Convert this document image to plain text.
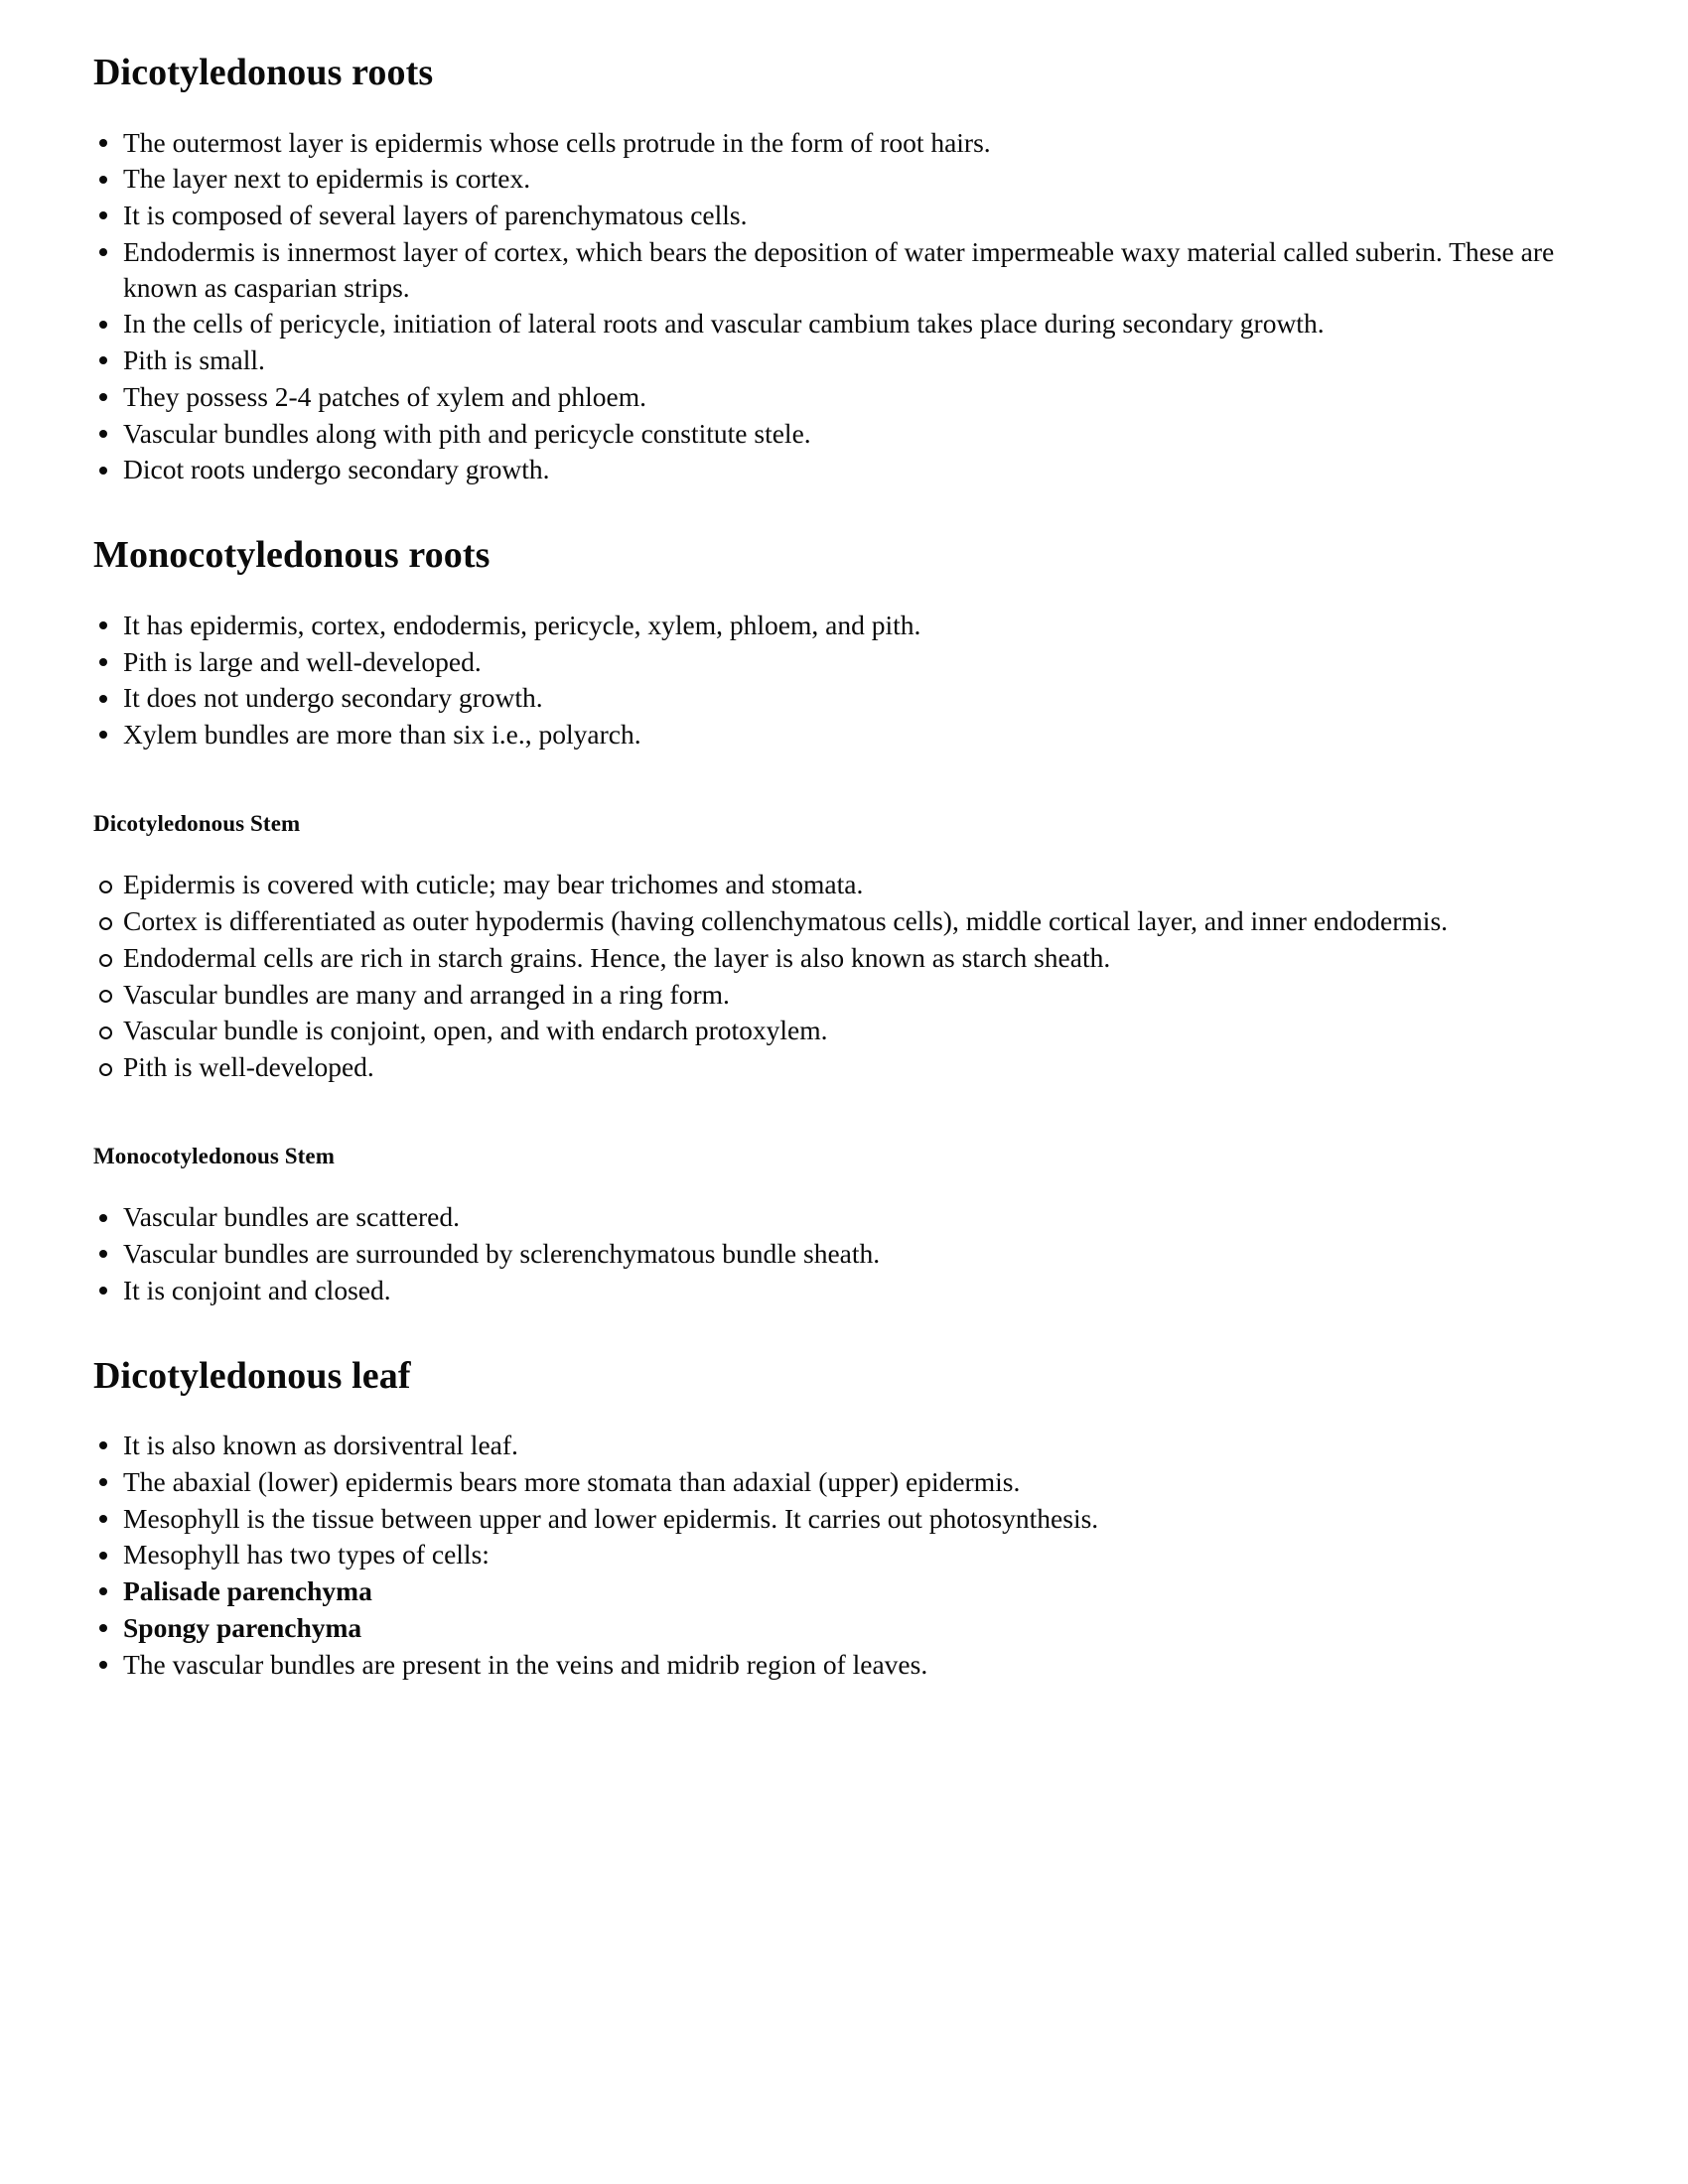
Dicotyledonous roots
The outermost layer is epidermis whose cells protrude in the form of root hairs.
The layer next to epidermis is cortex.
It is composed of several layers of parenchymatous cells.
Endodermis is innermost layer of cortex, which bears the deposition of water impermeable waxy material called suberin. These are known as casparian strips.
In the cells of pericycle, initiation of lateral roots and vascular cambium takes place during secondary growth.
Pith is small.
They possess 2-4 patches of xylem and phloem.
Vascular bundles along with pith and pericycle constitute stele.
Dicot roots undergo secondary growth.
Monocotyledonous roots
It has epidermis, cortex, endodermis, pericycle, xylem, phloem, and pith.
Pith is large and well-developed.
It does not undergo secondary growth.
Xylem bundles are more than six i.e., polyarch.
Dicotyledonous Stem
Epidermis is covered with cuticle; may bear trichomes and stomata.
Cortex is differentiated as outer hypodermis (having collenchymatous cells), middle cortical layer, and inner endodermis.
Endodermal cells are rich in starch grains. Hence, the layer is also known as starch sheath.
Vascular bundles are many and arranged in a ring form.
Vascular bundle is conjoint, open, and with endarch protoxylem.
Pith is well-developed.
Monocotyledonous Stem
Vascular bundles are scattered.
Vascular bundles are surrounded by sclerenchymatous bundle sheath.
It is conjoint and closed.
Dicotyledonous leaf
It is also known as dorsiventral leaf.
The abaxial (lower) epidermis bears more stomata than adaxial (upper) epidermis.
Mesophyll is the tissue between upper and lower epidermis. It carries out photosynthesis.
Mesophyll has two types of cells:
Palisade parenchyma
Spongy parenchyma
The vascular bundles are present in the veins and midrib region of leaves.
